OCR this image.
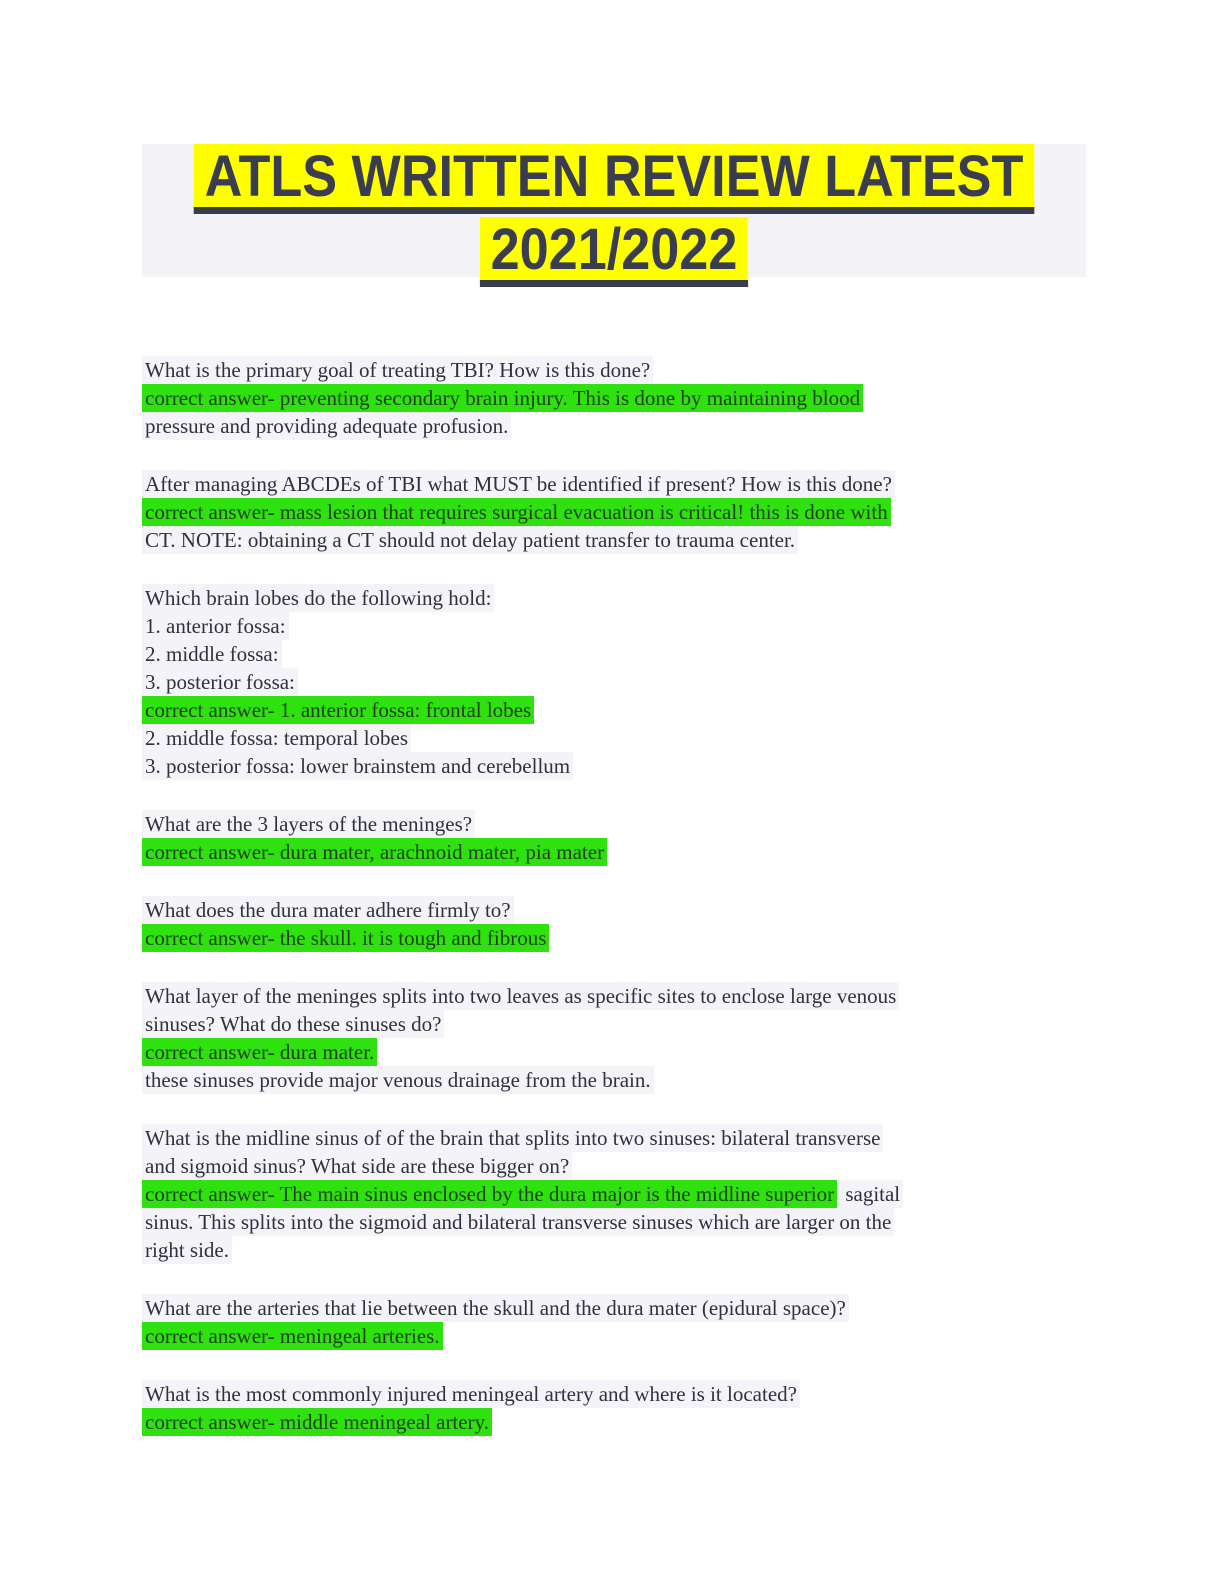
ATLS WRITTEN REVIEW LATEST
2021/2022
What is the primary goal of treating TBI? How is this done?
correct answer- preventing secondary brain injury. This is done by maintaining blood
pressure and providing adequate profusion.
After managing ABCDEs of TBI what MUST be identified if present? How is this done?
correct answer- mass lesion that requires surgical evacuation is critical! this is done with
CT. NOTE: obtaining a CT should not delay patient transfer to trauma center.
Which brain lobes do the following hold:
1. anterior fossa:
2. middle fossa:
3. posterior fossa:
correct answer- 1. anterior fossa: frontal lobes
2. middle fossa: temporal lobes
3. posterior fossa: lower brainstem and cerebellum
What are the 3 layers of the meninges?
correct answer- dura mater, arachnoid mater, pia mater
What does the dura mater adhere firmly to?
correct answer- the skull. it is tough and fibrous
What layer of the meninges splits into two leaves as specific sites to enclose large venous
sinuses? What do these sinuses do?
correct answer- dura mater.
these sinuses provide major venous drainage from the brain.
What is the midline sinus of of the brain that splits into two sinuses: bilateral transverse
and sigmoid sinus? What side are these bigger on?
correct answer- The main sinus enclosed by the dura major is the midline superior sagital
sinus. This splits into the sigmoid and bilateral transverse sinuses which are larger on the
right side.
What are the arteries that lie between the skull and the dura mater (epidural space)?
correct answer- meningeal arteries.
What is the most commonly injured meningeal artery and where is it located?
correct answer- middle meningeal artery.
